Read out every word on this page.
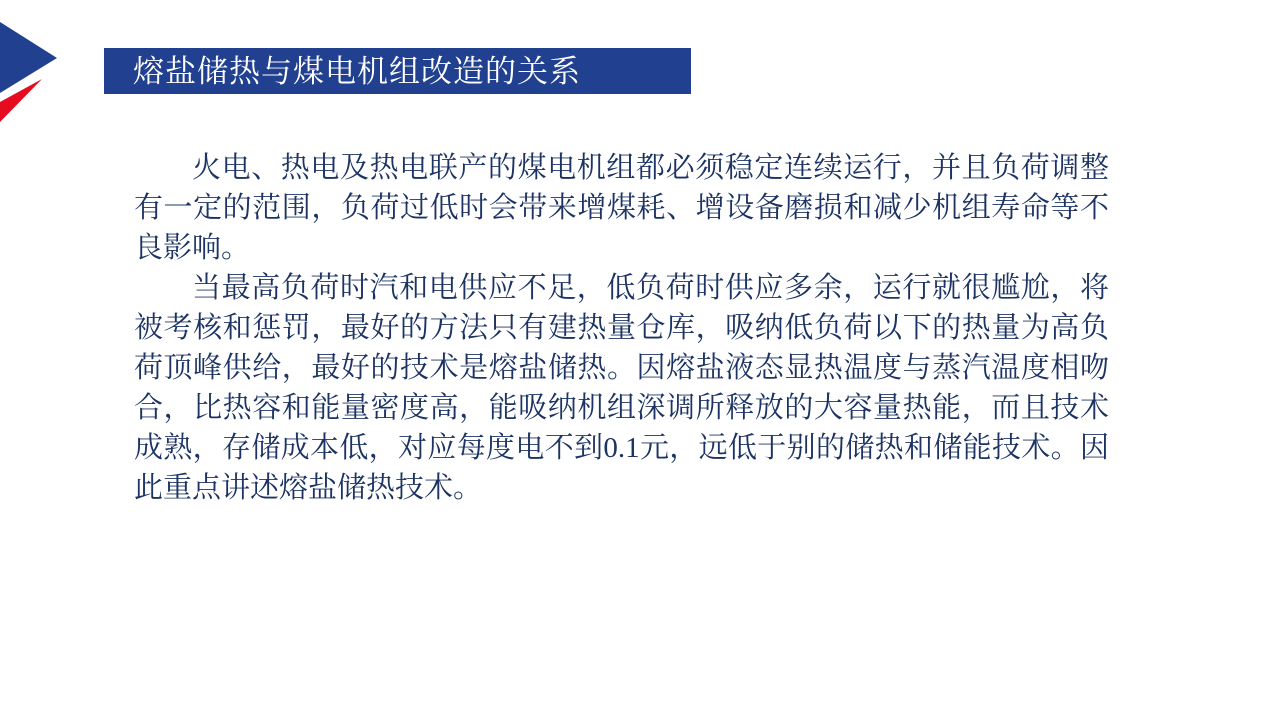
熔盐储热与煤电机组改造的关系

火电、热电及热电联产的煤电机组都必须稳定连续运行，并且负荷调整有一定的范围，负荷过低时会带来增煤耗、增设备磨损和减少机组寿命等不良影响。

当最高负荷时汽和电供应不足，低负荷时供应多余，运行就很尴尬，将被考核和惩罚，最好的方法只有建热量仓库，吸纳低负荷以下的热量为高负荷顶峰供给，最好的技术是熔盐储热。因熔盐液态显热温度与蒸汽温度相吻合，比热容和能量密度高，能吸纳机组深调所释放的大容量热能，而且技术成熟，存储成本低，对应每度电不到0.1元，远低于别的储热和储能技术。因此重点讲述熔盐储热技术。
